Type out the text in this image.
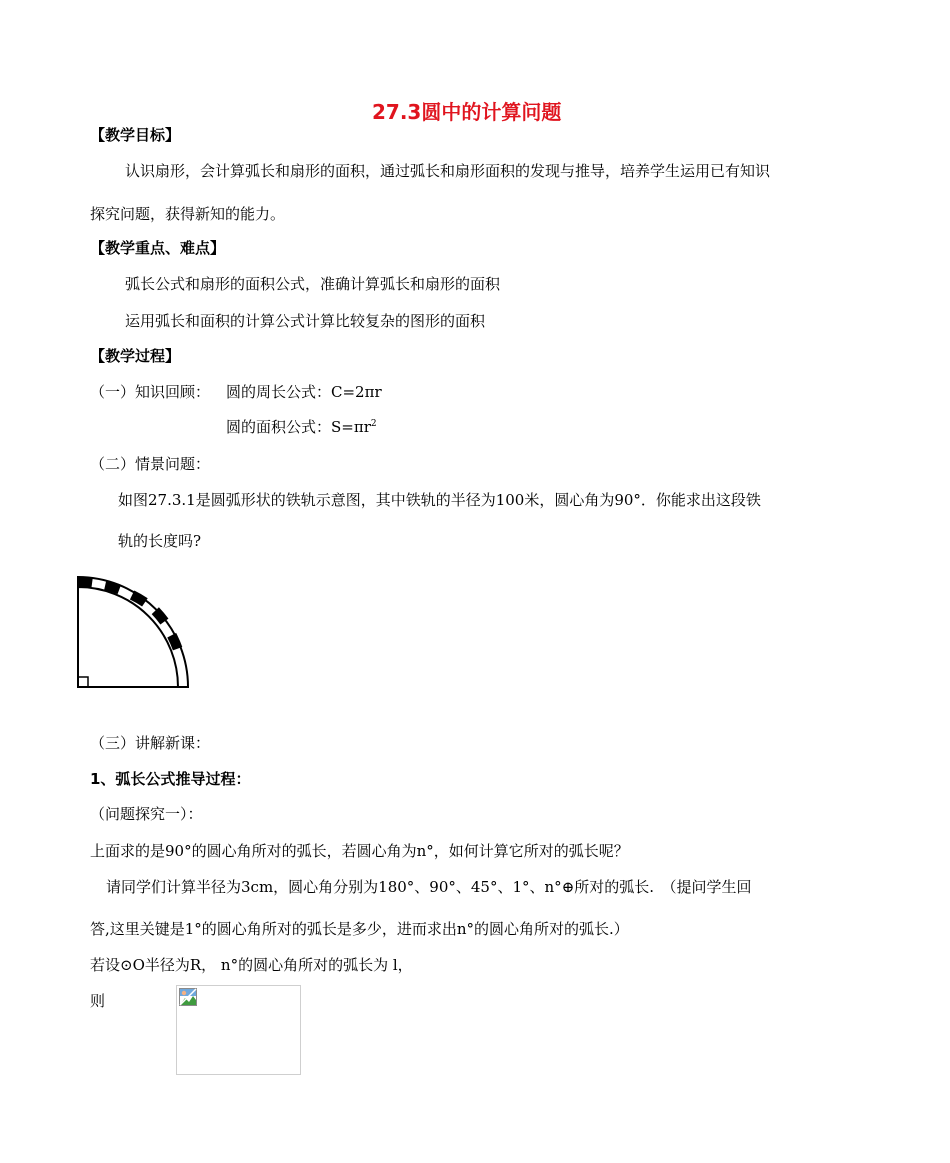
27.3圆中的计算问题
【教学目标】
认识扇形，会计算弧长和扇形的面积，通过弧长和扇形面积的发现与推导，培养学生运用已有知识
探究问题，获得新知的能力。
【教学重点、难点】
弧长公式和扇形的面积公式，准确计算弧长和扇形的面积
运用弧长和面积的计算公式计算比较复杂的图形的面积
【教学过程】
（一）知识回顾： 圆的周长公式：C=2πr
圆的面积公式：$S=\pi r^2$
（二）情景问题：
如图27.3.1是圆弧形状的铁轨示意图，其中铁轨的半径为100米，圆心角为90°．你能求出这段铁
轨的长度吗?
（三）讲解新课：
1、弧长公式推导过程：
（问题探究一）：
上面求的是90°的圆心角所对的弧长，若圆心角为n°，如何计算它所对的弧长呢？
请同学们计算半径为3cm，圆心角分别为180°、90°、45°、1°、n°⊕所对的弧长.　（提问学生回
答,这里关键是1°的圆心角所对的弧长是多少，进而求出n°的圆心角所对的弧长.）
若设⊙O半径为R， n°的圆心角所对的弧长为 l，
则
